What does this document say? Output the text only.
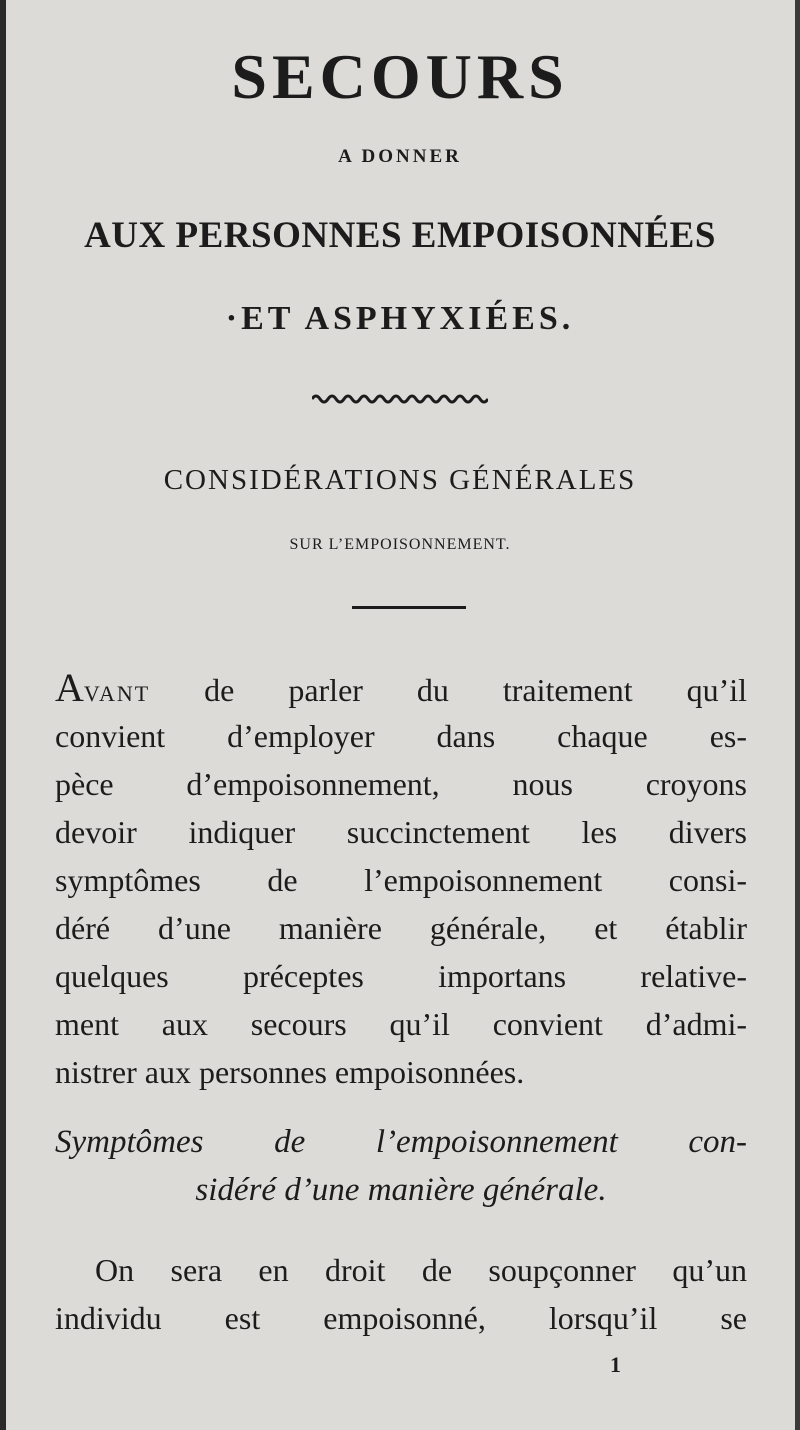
SECOURS
A DONNER
AUX PERSONNES EMPOISONNÉES
·ET ASPHYXIÉES.
CONSIDÉRATIONS GÉNÉRALES
SUR L’EMPOISONNEMENT.
AVANT de parler du traitement qu’il
convient d’employer dans chaque es-
pèce d’empoisonnement, nous croyons
devoir indiquer succinctement les divers
symptômes de l’empoisonnement consi-
déré d’une manière générale, et établir
quelques préceptes importans relative-
ment aux secours qu’il convient d’admi-
nistrer aux personnes empoisonnées.
Symptômes de l’empoisonnement con-
sidéré d’une manière générale.
On sera en droit de soupçonner qu’un
individu est empoisonné, lorsqu’il se
1
